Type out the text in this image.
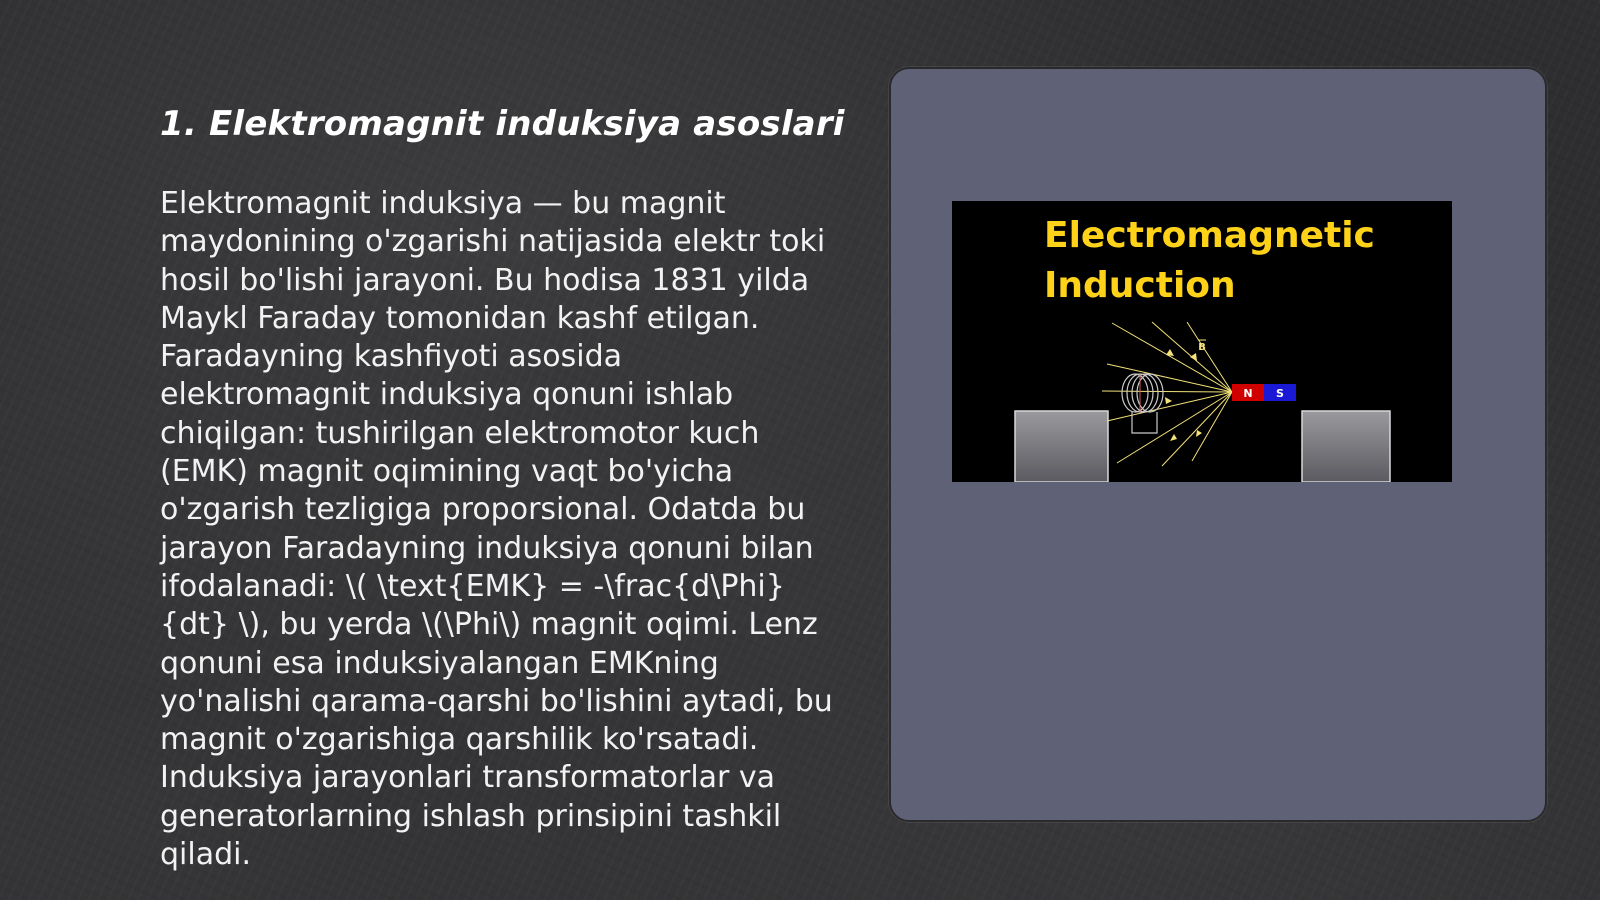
1. Elektromagnit induksiya asoslari

Elektromagnit induksiya — bu magnit maydonining o'zgarishi natijasida elektr toki hosil bo'lishi jarayoni. Bu hodisa 1831 yilda Maykl Faraday tomonidan kashf etilgan. Faradayning kashfiyoti asosida elektromagnit induksiya qonuni ishlab chiqilgan: tushirilgan elektromotor kuch (EMK) magnit oqimining vaqt bo'yicha o'zgarish tezligiga proporsional. Odatda bu jarayon Faradayning induksiya qonuni bilan ifodalanadi: \( \text{EMK} = -\frac{d\Phi}{dt} \), bu yerda \(\Phi\) magnit oqimi. Lenz qonuni esa induksiyalangan EMKning yo'nalishi qarama-qarshi bo'lishini aytadi, bu magnit o'zgarishiga qarshilik ko'rsatadi. Induksiya jarayonlari transformatorlar va generatorlarning ishlash prinsipini tashkil qiladi.

N S
B

Electromagnetic
Induction
